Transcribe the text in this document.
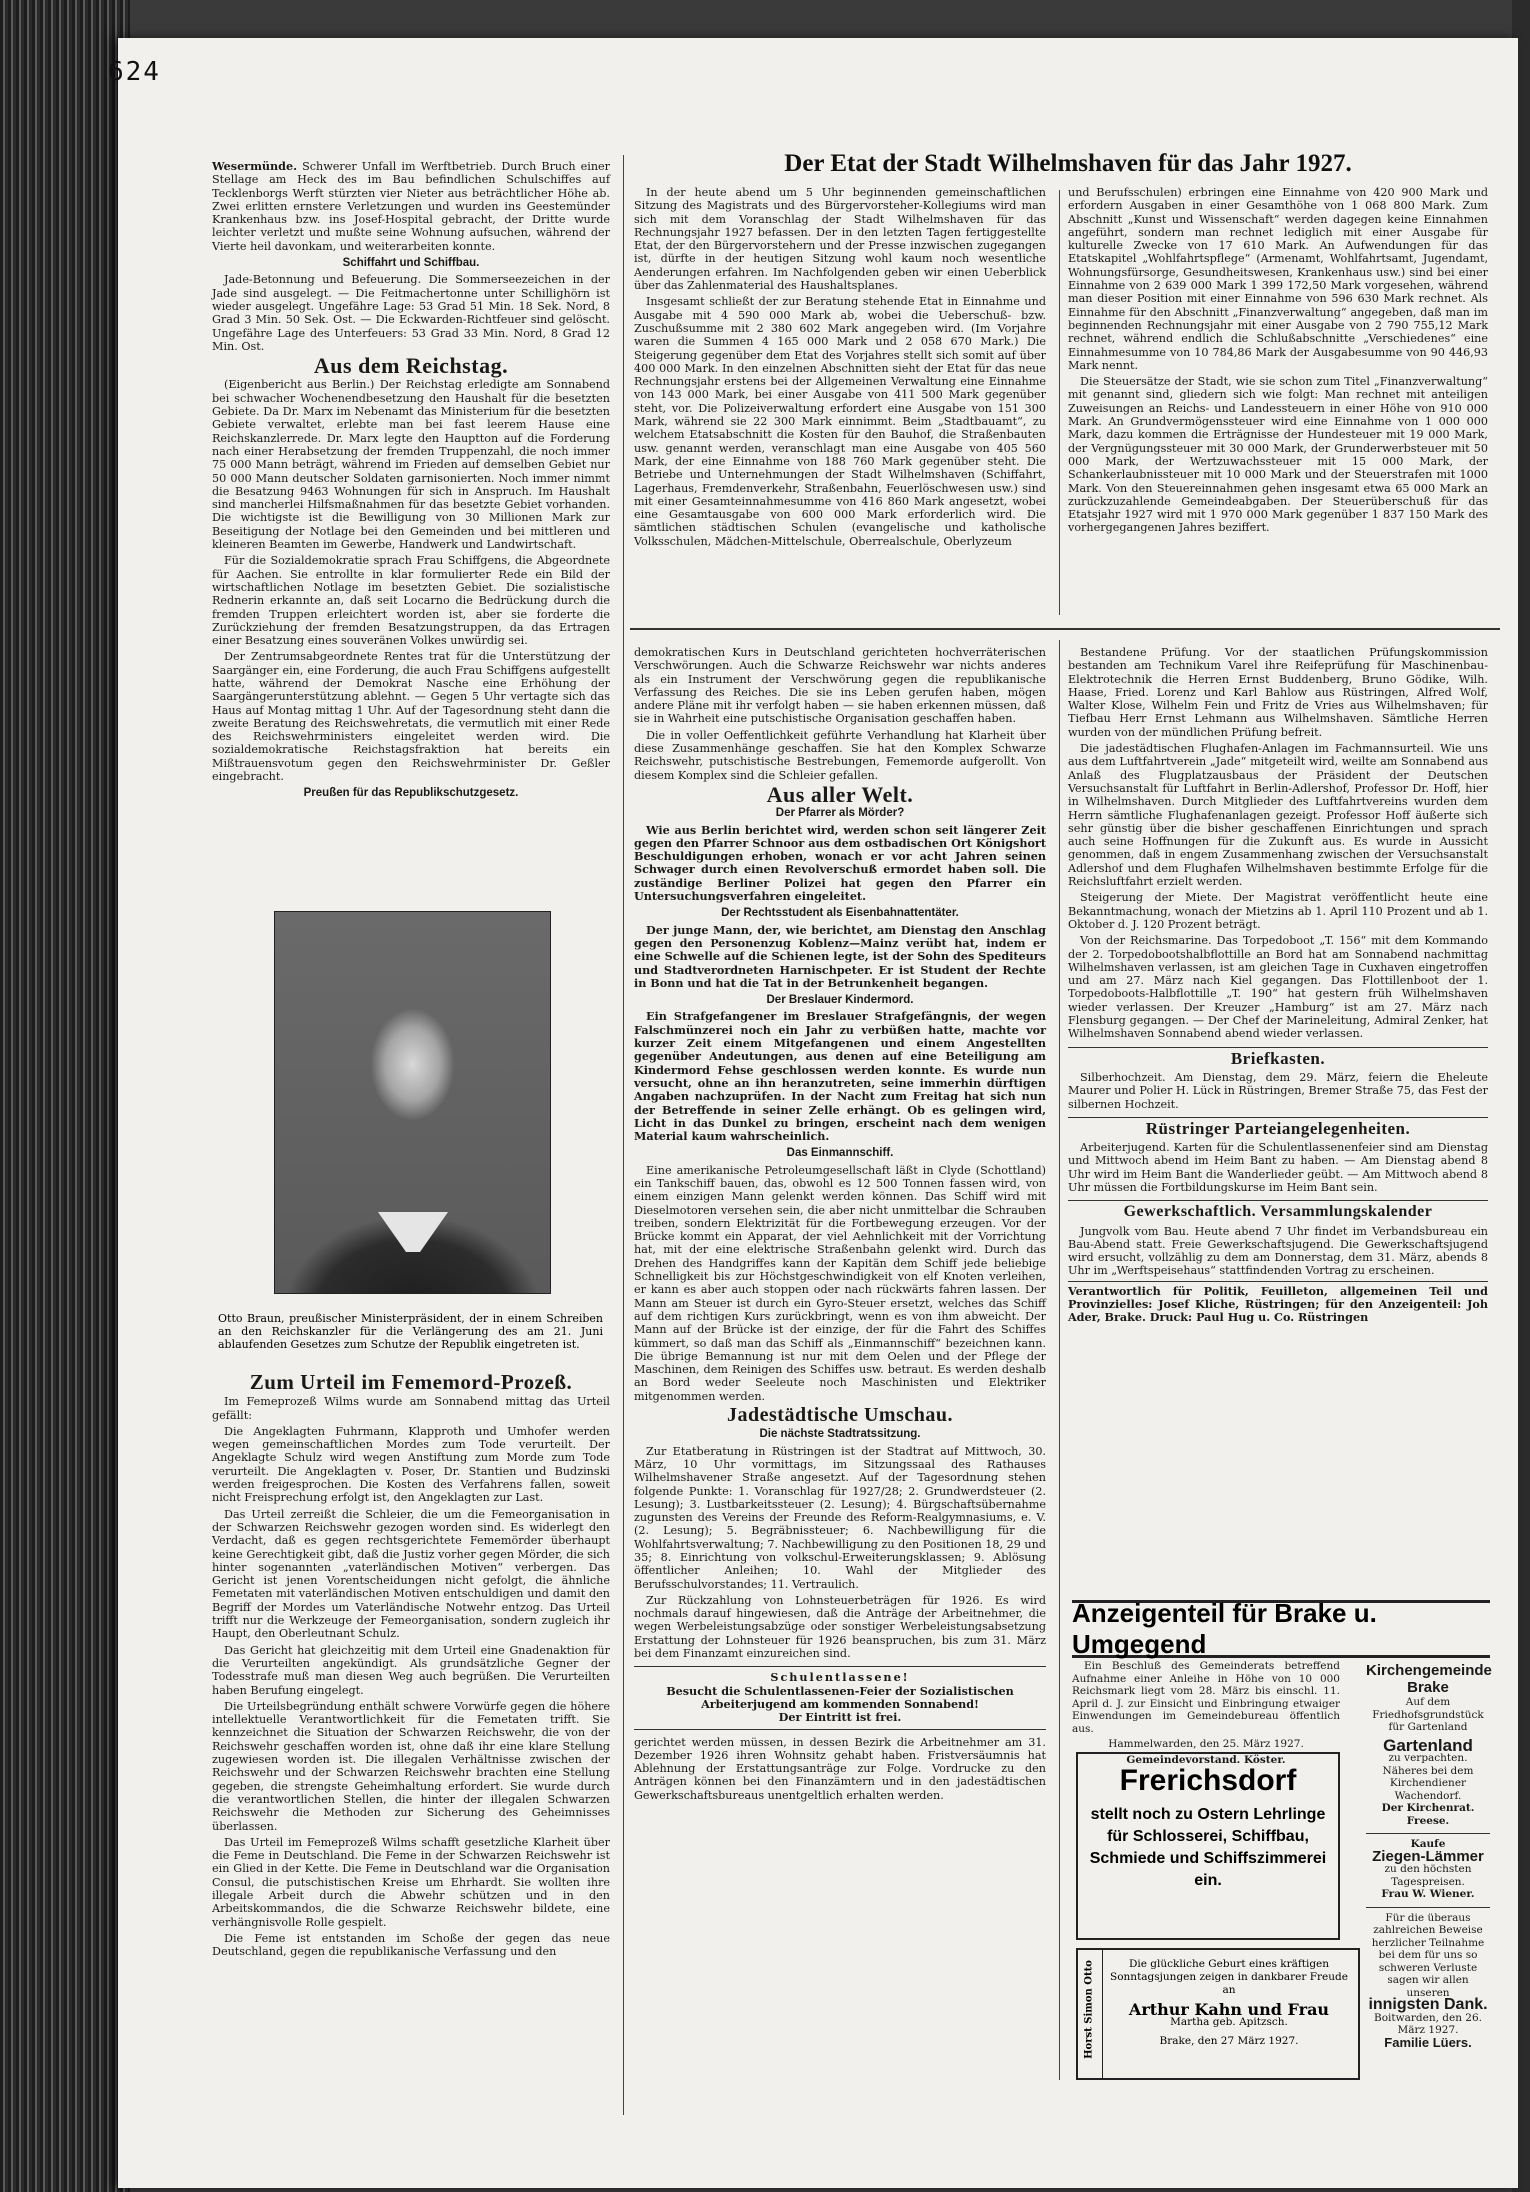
624

Wesermünde. Schwerer Unfall im Werftbetrieb. Durch Bruch einer Stellage am Heck des im Bau befindlichen Schulschiffes auf Tecklenborgs Werft stürzten vier Nieter aus beträchtlicher Höhe ab. Zwei erlitten ernstere Verletzungen und wurden ins Geestemünder Krankenhaus bzw. ins Josef-Hospital gebracht, der Dritte wurde leichter verletzt und mußte seine Wohnung aufsuchen, während der Vierte heil davonkam, und weiterarbeiten konnte.

Schiffahrt und Schiffbau.

Jade-Betonnung und Befeuerung. Die Sommerseezeichen in der Jade sind ausgelegt. — Die Feitmachertonne unter Schillighörn ist wieder ausgelegt. Ungefähre Lage: 53 Grad 51 Min. 18 Sek. Nord, 8 Grad 3 Min. 50 Sek. Ost. — Die Eckwarden-Richtfeuer sind gelöscht. Ungefähre Lage des Unterfeuers: 53 Grad 33 Min. Nord, 8 Grad 12 Min. Ost.

Aus dem Reichstag.

(Eigenbericht aus Berlin.) Der Reichstag erledigte am Sonnabend bei schwacher Wochenendbesetzung den Haushalt für die besetzten Gebiete. Da Dr. Marx im Nebenamt das Ministerium für die besetzten Gebiete verwaltet, erlebte man bei fast leerem Hause eine Reichskanzlerrede. Dr. Marx legte den Hauptton auf die Forderung nach einer Herabsetzung der fremden Truppenzahl, die noch immer 75 000 Mann beträgt, während im Frieden auf demselben Gebiet nur 50 000 Mann deutscher Soldaten garnisonierten. Noch immer nimmt die Besatzung 9463 Wohnungen für sich in Anspruch. Im Haushalt sind mancherlei Hilfsmaßnahmen für das besetzte Gebiet vorhanden. Die wichtigste ist die Bewilligung von 30 Millionen Mark zur Beseitigung der Notlage bei den Gemeinden und bei mittleren und kleineren Beamten im Gewerbe, Handwerk und Landwirtschaft.

Für die Sozialdemokratie sprach Frau Schiffgens, die Abgeordnete für Aachen. Sie entrollte in klar formulierter Rede ein Bild der wirtschaftlichen Notlage im besetzten Gebiet. Die sozialistische Rednerin erkannte an, daß seit Locarno die Bedrückung durch die fremden Truppen erleichtert worden ist, aber sie forderte die Zurückziehung der fremden Besatzungstruppen, da das Ertragen einer Besatzung eines souveränen Volkes unwürdig sei.

Der Zentrumsabgeordnete Rentes trat für die Unterstützung der Saargänger ein, eine Forderung, die auch Frau Schiffgens aufgestellt hatte, während der Demokrat Nasche eine Erhöhung der Saargängerunterstützung ablehnt. — Gegen 5 Uhr vertagte sich das Haus auf Montag mittag 1 Uhr. Auf der Tagesordnung steht dann die zweite Beratung des Reichswehretats, die vermutlich mit einer Rede des Reichswehrministers eingeleitet werden wird. Die sozialdemokratische Reichstagsfraktion hat bereits ein Mißtrauensvotum gegen den Reichswehrminister Dr. Geßler eingebracht.

Preußen für das Republikschutzgesetz.
Otto Braun, preußischer Ministerpräsident, der in einem Schreiben an den Reichskanzler für die Verlängerung des am 21. Juni ablaufenden Gesetzes zum Schutze der Republik eingetreten ist.
Zum Urteil im Fememord-Prozeß.

Im Femeprozeß Wilms wurde am Sonnabend mittag das Urteil gefällt:

Die Angeklagten Fuhrmann, Klapproth und Umhofer werden wegen gemeinschaftlichen Mordes zum Tode verurteilt. Der Angeklagte Schulz wird wegen Anstiftung zum Morde zum Tode verurteilt. Die Angeklagten v. Poser, Dr. Stantien und Budzinski werden freigesprochen. Die Kosten des Verfahrens fallen, soweit nicht Freisprechung erfolgt ist, den Angeklagten zur Last.

Das Urteil zerreißt die Schleier, die um die Femeorganisation in der Schwarzen Reichswehr gezogen worden sind. Es widerlegt den Verdacht, daß es gegen rechtsgerichtete Fememörder überhaupt keine Gerechtigkeit gibt, daß die Justiz vorher gegen Mörder, die sich hinter sogenannten „vaterländischen Motiven“ verbergen. Das Gericht ist jenen Vorentscheidungen nicht gefolgt, die ähnliche Femetaten mit vaterländischen Motiven entschuldigen und damit den Begriff der Mordes um Vaterländische Notwehr entzog. Das Urteil trifft nur die Werkzeuge der Femeorganisation, sondern zugleich ihr Haupt, den Oberleutnant Schulz.

Das Gericht hat gleichzeitig mit dem Urteil eine Gnadenaktion für die Verurteilten angekündigt. Als grundsätzliche Gegner der Todesstrafe muß man diesen Weg auch begrüßen. Die Verurteilten haben Berufung eingelegt.

Die Urteilsbegründung enthält schwere Vorwürfe gegen die höhere intellektuelle Verantwortlichkeit für die Femetaten trifft. Sie kennzeichnet die Situation der Schwarzen Reichswehr, die von der Reichswehr geschaffen worden ist, ohne daß ihr eine klare Stellung zugewiesen worden ist. Die illegalen Verhältnisse zwischen der Reichswehr und der Schwarzen Reichswehr brachten eine Stellung gegeben, die strengste Geheimhaltung erfordert. Sie wurde durch die verantwortlichen Stellen, die hinter der illegalen Schwarzen Reichswehr die Methoden zur Sicherung des Geheimnisses überlassen.

Das Urteil im Femeprozeß Wilms schafft gesetzliche Klarheit über die Feme in Deutschland. Die Feme in der Schwarzen Reichswehr ist ein Glied in der Kette. Die Feme in Deutschland war die Organisation Consul, die putschistischen Kreise um Ehrhardt. Sie wollten ihre illegale Arbeit durch die Abwehr schützen und in den Arbeitskommandos, die die Schwarze Reichswehr bildete, eine verhängnisvolle Rolle gespielt.

Die Feme ist entstanden im Schoße der gegen das neue Deutschland, gegen die republikanische Verfassung und den

Der Etat der Stadt Wilhelmshaven für das Jahr 1927.

In der heute abend um 5 Uhr beginnenden gemeinschaftlichen Sitzung des Magistrats und des Bürgervorsteher-Kollegiums wird man sich mit dem Voranschlag der Stadt Wilhelmshaven für das Rechnungsjahr 1927 befassen. Der in den letzten Tagen fertiggestellte Etat, der den Bürgervorstehern und der Presse inzwischen zugegangen ist, dürfte in der heutigen Sitzung wohl kaum noch wesentliche Aenderungen erfahren. Im Nachfolgenden geben wir einen Ueberblick über das Zahlenmaterial des Haushaltsplanes.

Insgesamt schließt der zur Beratung stehende Etat in Einnahme und Ausgabe mit 4 590 000 Mark ab, wobei die Ueberschuß- bzw. Zuschußsumme mit 2 380 602 Mark angegeben wird. (Im Vorjahre waren die Summen 4 165 000 Mark und 2 058 670 Mark.) Die Steigerung gegenüber dem Etat des Vorjahres stellt sich somit auf über 400 000 Mark. In den einzelnen Abschnitten sieht der Etat für das neue Rechnungsjahr erstens bei der Allgemeinen Verwaltung eine Einnahme von 143 000 Mark, bei einer Ausgabe von 411 500 Mark gegenüber steht, vor. Die Polizeiverwaltung erfordert eine Ausgabe von 151 300 Mark, während sie 22 300 Mark einnimmt. Beim „Stadtbauamt“, zu welchem Etatsabschnitt die Kosten für den Bauhof, die Straßenbauten usw. genannt werden, veranschlagt man eine Ausgabe von 405 560 Mark, der eine Einnahme von 188 760 Mark gegenüber steht. Die Betriebe und Unternehmungen der Stadt Wilhelmshaven (Schiffahrt, Lagerhaus, Fremdenverkehr, Straßenbahn, Feuerlöschwesen usw.) sind mit einer Gesamteinnahmesumme von 416 860 Mark angesetzt, wobei eine Gesamtausgabe von 600 000 Mark erforderlich wird. Die sämtlichen städtischen Schulen (evangelische und katholische Volksschulen, Mädchen-Mittelschule, Oberrealschule, Oberlyzeum

und Berufsschulen) erbringen eine Einnahme von 420 900 Mark und erfordern Ausgaben in einer Gesamthöhe von 1 068 800 Mark. Zum Abschnitt „Kunst und Wissenschaft“ werden dagegen keine Einnahmen angeführt, sondern man rechnet lediglich mit einer Ausgabe für kulturelle Zwecke von 17 610 Mark. An Aufwendungen für das Etatskapitel „Wohlfahrtspflege“ (Armenamt, Wohlfahrtsamt, Jugendamt, Wohnungsfürsorge, Gesundheitswesen, Krankenhaus usw.) sind bei einer Einnahme von 2 639 000 Mark 1 399 172,50 Mark vorgesehen, während man dieser Position mit einer Einnahme von 596 630 Mark rechnet. Als Einnahme für den Abschnitt „Finanzverwaltung“ angegeben, daß man im beginnenden Rechnungsjahr mit einer Ausgabe von 2 790 755,12 Mark rechnet, während endlich die Schlußabschnitte „Verschiedenes“ eine Einnahmesumme von 10 784,86 Mark der Ausgabesumme von 90 446,93 Mark nennt.

Die Steuersätze der Stadt, wie sie schon zum Titel „Finanzverwaltung“ mit genannt sind, gliedern sich wie folgt: Man rechnet mit anteiligen Zuweisungen an Reichs- und Landessteuern in einer Höhe von 910 000 Mark. An Grundvermögenssteuer wird eine Einnahme von 1 000 000 Mark, dazu kommen die Erträgnisse der Hundesteuer mit 19 000 Mark, der Vergnügungssteuer mit 30 000 Mark, der Grunderwerbsteuer mit 50 000 Mark, der Wertzuwachssteuer mit 15 000 Mark, der Schankerlaubnissteuer mit 10 000 Mark und der Steuerstrafen mit 1000 Mark. Von den Steuereinnahmen gehen insgesamt etwa 65 000 Mark an zurückzuzahlende Gemeindeabgaben. Der Steuerüberschuß für das Etatsjahr 1927 wird mit 1 970 000 Mark gegenüber 1 837 150 Mark des vorhergegangenen Jahres beziffert.

demokratischen Kurs in Deutschland gerichteten hochverräterischen Verschwörungen. Auch die Schwarze Reichswehr war nichts anderes als ein Instrument der Verschwörung gegen die republikanische Verfassung des Reiches. Die sie ins Leben gerufen haben, mögen andere Pläne mit ihr verfolgt haben — sie haben erkennen müssen, daß sie in Wahrheit eine putschistische Organisation geschaffen haben.

Die in voller Oeffentlichkeit geführte Verhandlung hat Klarheit über diese Zusammenhänge geschaffen. Sie hat den Komplex Schwarze Reichswehr, putschistische Bestrebungen, Fememorde aufgerollt. Von diesem Komplex sind die Schleier gefallen.

Aus aller Welt.
Der Pfarrer als Mörder?

Wie aus Berlin berichtet wird, werden schon seit längerer Zeit gegen den Pfarrer Schnoor aus dem ostbadischen Ort Königshort Beschuldigungen erhoben, wonach er vor acht Jahren seinen Schwager durch einen Revolverschuß ermordet haben soll. Die zuständige Berliner Polizei hat gegen den Pfarrer ein Untersuchungsverfahren eingeleitet.

Der Rechtsstudent als Eisenbahnattentäter.

Der junge Mann, der, wie berichtet, am Dienstag den Anschlag gegen den Personenzug Koblenz—Mainz verübt hat, indem er eine Schwelle auf die Schienen legte, ist der Sohn des Spediteurs und Stadtverordneten Harnischpeter. Er ist Student der Rechte in Bonn und hat die Tat in der Betrunkenheit begangen.

Der Breslauer Kindermord.

Ein Strafgefangener im Breslauer Strafgefängnis, der wegen Falschmünzerei noch ein Jahr zu verbüßen hatte, machte vor kurzer Zeit einem Mitgefangenen und einem Angestellten gegenüber Andeutungen, aus denen auf eine Beteiligung am Kindermord Fehse geschlossen werden konnte. Es wurde nun versucht, ohne an ihn heranzutreten, seine immerhin dürftigen Angaben nachzuprüfen. In der Nacht zum Freitag hat sich nun der Betreffende in seiner Zelle erhängt. Ob es gelingen wird, Licht in das Dunkel zu bringen, erscheint nach dem wenigen Material kaum wahrscheinlich.

Das Einmannschiff.

Eine amerikanische Petroleumgesellschaft läßt in Clyde (Schottland) ein Tankschiff bauen, das, obwohl es 12 500 Tonnen fassen wird, von einem einzigen Mann gelenkt werden können. Das Schiff wird mit Dieselmotoren versehen sein, die aber nicht unmittelbar die Schrauben treiben, sondern Elektrizität für die Fortbewegung erzeugen. Vor der Brücke kommt ein Apparat, der viel Aehnlichkeit mit der Vorrichtung hat, mit der eine elektrische Straßenbahn gelenkt wird. Durch das Drehen des Handgriffes kann der Kapitän dem Schiff jede beliebige Schnelligkeit bis zur Höchstgeschwindigkeit von elf Knoten verleihen, er kann es aber auch stoppen oder nach rückwärts fahren lassen. Der Mann am Steuer ist durch ein Gyro-Steuer ersetzt, welches das Schiff auf dem richtigen Kurs zurückbringt, wenn es von ihm abweicht. Der Mann auf der Brücke ist der einzige, der für die Fahrt des Schiffes kümmert, so daß man das Schiff als „Einmannschiff“ bezeichnen kann. Die übrige Bemannung ist nur mit dem Oelen und der Pflege der Maschinen, dem Reinigen des Schiffes usw. betraut. Es werden deshalb an Bord weder Seeleute noch Maschinisten und Elektriker mitgenommen werden.

Jadestädtische Umschau.
Die nächste Stadtratssitzung.

Zur Etatberatung in Rüstringen ist der Stadtrat auf Mittwoch, 30. März, 10 Uhr vormittags, im Sitzungssaal des Rathauses Wilhelmshavener Straße angesetzt. Auf der Tagesordnung stehen folgende Punkte: 1. Voranschlag für 1927/28; 2. Grundwerdsteuer (2. Lesung); 3. Lustbarkeitssteuer (2. Lesung); 4. Bürgschaftsübernahme zugunsten des Vereins der Freunde des Reform-Realgymnasiums, e. V. (2. Lesung); 5. Begräbnissteuer; 6. Nachbewilligung für die Wohlfahrtsverwaltung; 7. Nachbewilligung zu den Positionen 18, 29 und 35; 8. Einrichtung von volkschul-Erweiterungsklassen; 9. Ablösung öffentlicher Anleihen; 10. Wahl der Mitglieder des Berufsschulvorstandes; 11. Vertraulich.

Zur Rückzahlung von Lohnsteuerbeträgen für 1926. Es wird nochmals darauf hingewiesen, daß die Anträge der Arbeitnehmer, die wegen Werbeleistungsabzüge oder sonstiger Werbeleistungsabsetzung Erstattung der Lohnsteuer für 1926 beanspruchen, bis zum 31. März bei dem Finanzamt einzureichen sind.

Schulentlassene!
Besucht die Schulentlassenen-Feier der Sozialistischen Arbeiterjugend am kommenden Sonnabend!
Der Eintritt ist frei.

gerichtet werden müssen, in dessen Bezirk die Arbeitnehmer am 31. Dezember 1926 ihren Wohnsitz gehabt haben. Fristversäumnis hat Ablehnung der Erstattungsanträge zur Folge. Vordrucke zu den Anträgen können bei den Finanzämtern und in den jadestädtischen Gewerkschaftsbureaus unentgeltlich erhalten werden.

Bestandene Prüfung. Vor der staatlichen Prüfungskommission bestanden am Technikum Varel ihre Reifeprüfung für Maschinenbau-Elektrotechnik die Herren Ernst Buddenberg, Bruno Gödike, Wilh. Haase, Fried. Lorenz und Karl Bahlow aus Rüstringen, Alfred Wolf, Walter Klose, Wilhelm Fein und Fritz de Vries aus Wilhelmshaven; für Tiefbau Herr Ernst Lehmann aus Wilhelmshaven. Sämtliche Herren wurden von der mündlichen Prüfung befreit.

Die jadestädtischen Flughafen-Anlagen im Fachmannsurteil. Wie uns aus dem Luftfahrtverein „Jade“ mitgeteilt wird, weilte am Sonnabend aus Anlaß des Flugplatzausbaus der Präsident der Deutschen Versuchsanstalt für Luftfahrt in Berlin-Adlershof, Professor Dr. Hoff, hier in Wilhelmshaven. Durch Mitglieder des Luftfahrtvereins wurden dem Herrn sämtliche Flughafenanlagen gezeigt. Professor Hoff äußerte sich sehr günstig über die bisher geschaffenen Einrichtungen und sprach auch seine Hoffnungen für die Zukunft aus. Es wurde in Aussicht genommen, daß in engem Zusammenhang zwischen der Versuchsanstalt Adlershof und dem Flughafen Wilhelmshaven bestimmte Erfolge für die Reichsluftfahrt erzielt werden.

Steigerung der Miete. Der Magistrat veröffentlicht heute eine Bekanntmachung, wonach der Mietzins ab 1. April 110 Prozent und ab 1. Oktober d. J. 120 Prozent beträgt.

Von der Reichsmarine. Das Torpedoboot „T. 156“ mit dem Kommando der 2. Torpedobootshalbflottille an Bord hat am Sonnabend nachmittag Wilhelmshaven verlassen, ist am gleichen Tage in Cuxhaven eingetroffen und am 27. März nach Kiel gegangen. Das Flottillenboot der 1. Torpedoboots-Halbflottille „T. 190“ hat gestern früh Wilhelmshaven wieder verlassen. Der Kreuzer „Hamburg“ ist am 27. März nach Flensburg gegangen. — Der Chef der Marineleitung, Admiral Zenker, hat Wilhelmshaven Sonnabend abend wieder verlassen.

Briefkasten.

Silberhochzeit. Am Dienstag, dem 29. März, feiern die Eheleute Maurer und Polier H. Lück in Rüstringen, Bremer Straße 75, das Fest der silbernen Hochzeit.

Rüstringer Parteiangelegenheiten.

Arbeiterjugend. Karten für die Schulentlassenenfeier sind am Dienstag und Mittwoch abend im Heim Bant zu haben. — Am Dienstag abend 8 Uhr wird im Heim Bant die Wanderlieder geübt. — Am Mittwoch abend 8 Uhr müssen die Fortbildungskurse im Heim Bant sein.

Gewerkschaftlich. Versammlungskalender

Jungvolk vom Bau. Heute abend 7 Uhr findet im Verbandsbureau ein Bau-Abend statt. Freie Gewerkschaftsjugend. Die Gewerkschaftsjugend wird ersucht, vollzählig zu dem am Donnerstag, dem 31. März, abends 8 Uhr im „Werftspeisehaus“ stattfindenden Vortrag zu erscheinen.

Verantwortlich für Politik, Feuilleton, allgemeinen Teil und Provinzielles: Josef Kliche, Rüstringen; für den Anzeigenteil: Joh Ader, Brake. Druck: Paul Hug u. Co. Rüstringen

Anzeigenteil für Brake u. Umgegend

Ein Beschluß des Gemeinderats betreffend Aufnahme einer Anleihe in Höhe von 10 000 Reichsmark liegt vom 28. März bis einschl. 11. April d. J. zur Einsicht und Einbringung etwaiger Einwendungen im Gemeindebureau öffentlich aus.

Hammelwarden, den 25. März 1927.

Gemeindevorstand. Köster.

Frerichsdorf
stellt noch zu Ostern Lehrlinge für Schlosserei, Schiffbau, Schmiede und Schiffszimmerei ein.
Horst Simon Otto	Die glückliche Geburt eines kräftigen Sonntagsjungen zeigen in dankbarer Freude an
Arthur Kahn und Frau
Martha geb. Apitzsch.
Brake, den 27 März 1927.
Kirchengemeinde Brake
Auf dem Friedhofsgrundstück für Gartenland
Gartenland
zu verpachten. Näheres bei dem Kirchendiener Wachendorf.
Der Kirchenrat.
Freese.
Kaufe
Ziegen-Lämmer
zu den höchsten Tagespreisen.
Frau W. Wiener.
Für die überaus zahlreichen Beweise herzlicher Teilnahme bei dem für uns so schweren Verluste sagen wir allen unseren
innigsten Dank.
Boitwarden, den 26. März 1927.
Familie Lüers.
